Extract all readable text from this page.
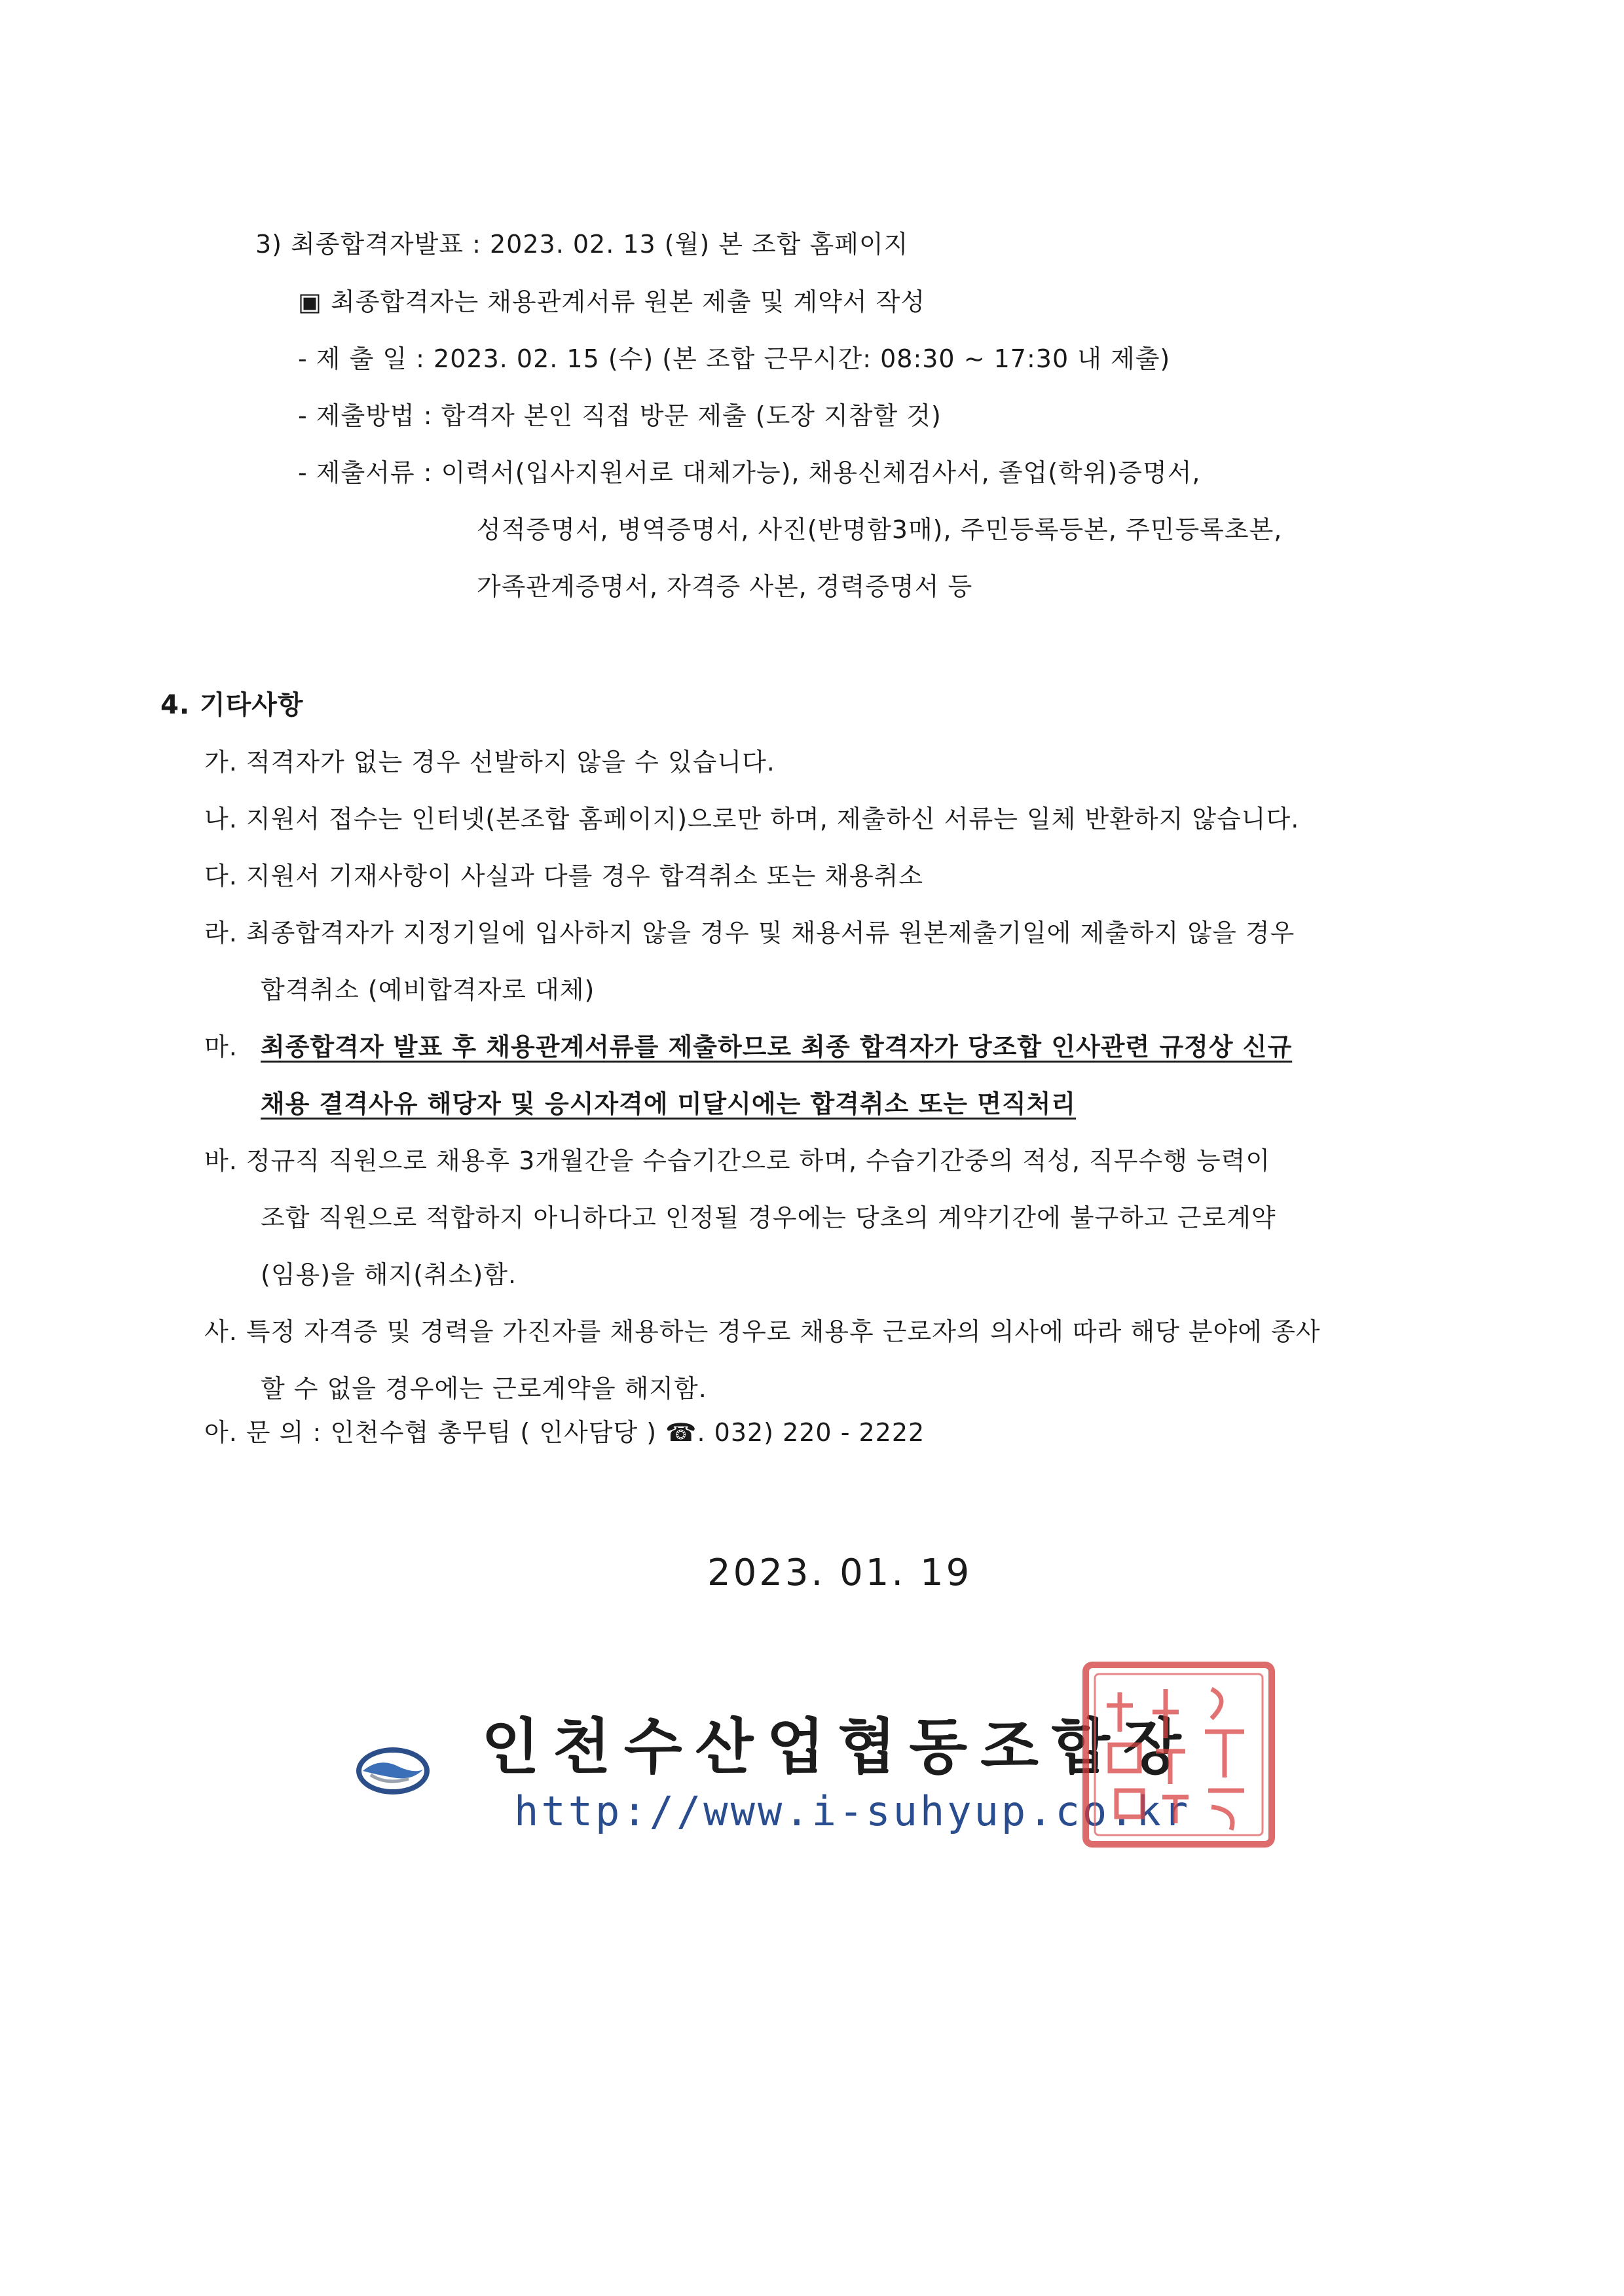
3) 최종합격자발표 : 2023. 02. 13 (월) 본 조합 홈페이지
▣ 최종합격자는 채용관계서류 원본 제출 및 계약서 작성
- 제 출 일 : 2023. 02. 15 (수) (본 조합 근무시간: 08:30 ~ 17:30 내 제출)
- 제출방법 : 합격자 본인 직접 방문 제출 (도장 지참할 것)
- 제출서류 : 이력서(입사지원서로 대체가능), 채용신체검사서, 졸업(학위)증명서,
성적증명서, 병역증명서, 사진(반명함3매), 주민등록등본, 주민등록초본,
가족관계증명서, 자격증 사본, 경력증명서 등
4. 기타사항
가. 적격자가 없는 경우 선발하지 않을 수 있습니다.
나. 지원서 접수는 인터넷(본조합 홈페이지)으로만 하며, 제출하신 서류는 일체 반환하지 않습니다.
다. 지원서 기재사항이 사실과 다를 경우 합격취소 또는 채용취소
라. 최종합격자가 지정기일에 입사하지 않을 경우 및 채용서류 원본제출기일에 제출하지 않을 경우
합격취소 (예비합격자로 대체)
마. 최종합격자 발표 후 채용관계서류를 제출하므로 최종 합격자가 당조합 인사관련 규정상 신규
채용 결격사유 해당자 및 응시자격에 미달시에는 합격취소 또는 면직처리
바. 정규직 직원으로 채용후 3개월간을 수습기간으로 하며, 수습기간중의 적성, 직무수행 능력이
조합 직원으로 적합하지 아니하다고 인정될 경우에는 당초의 계약기간에 불구하고 근로계약
(임용)을 해지(취소)함.
사. 특정 자격증 및 경력을 가진자를 채용하는 경우로 채용후 근로자의 의사에 따라 해당 분야에 종사
할 수 없을 경우에는 근로계약을 해지함.
아. 문 의 : 인천수협 총무팀 ( 인사담당 ) ☎. 032) 220 - 2222
2023. 01. 19
인천수산업협동조합장
http://www.i-suhyup.co.kr
